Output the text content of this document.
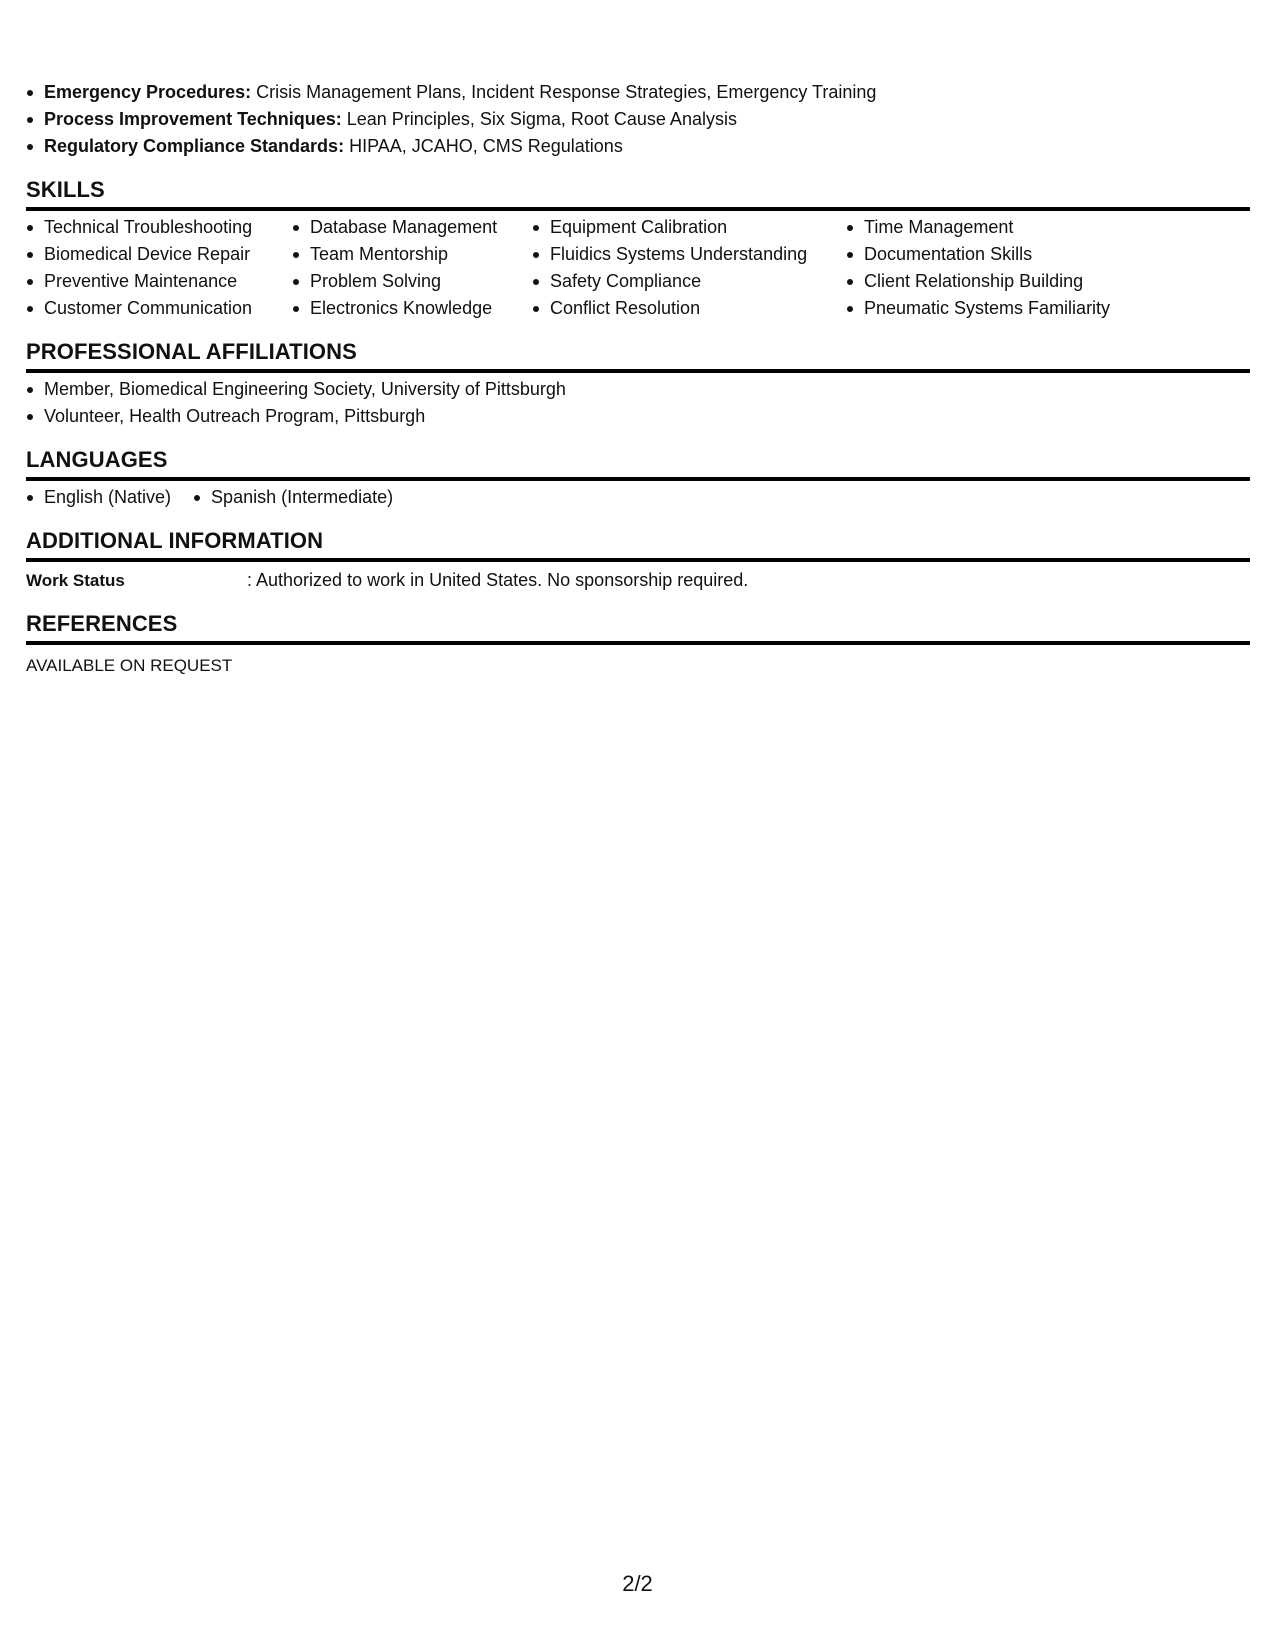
Emergency Procedures: Crisis Management Plans, Incident Response Strategies, Emergency Training
Process Improvement Techniques: Lean Principles, Six Sigma, Root Cause Analysis
Regulatory Compliance Standards: HIPAA, JCAHO, CMS Regulations
SKILLS
Technical Troubleshooting
Biomedical Device Repair
Preventive Maintenance
Customer Communication
Database Management
Team Mentorship
Problem Solving
Electronics Knowledge
Equipment Calibration
Fluidics Systems Understanding
Safety Compliance
Conflict Resolution
Time Management
Documentation Skills
Client Relationship Building
Pneumatic Systems Familiarity
PROFESSIONAL AFFILIATIONS
Member, Biomedical Engineering Society, University of Pittsburgh
Volunteer, Health Outreach Program, Pittsburgh
LANGUAGES
English (Native)	Spanish (Intermediate)
ADDITIONAL INFORMATION
Work Status	: Authorized to work in United States. No sponsorship required.
REFERENCES
AVAILABLE ON REQUEST
2/2
